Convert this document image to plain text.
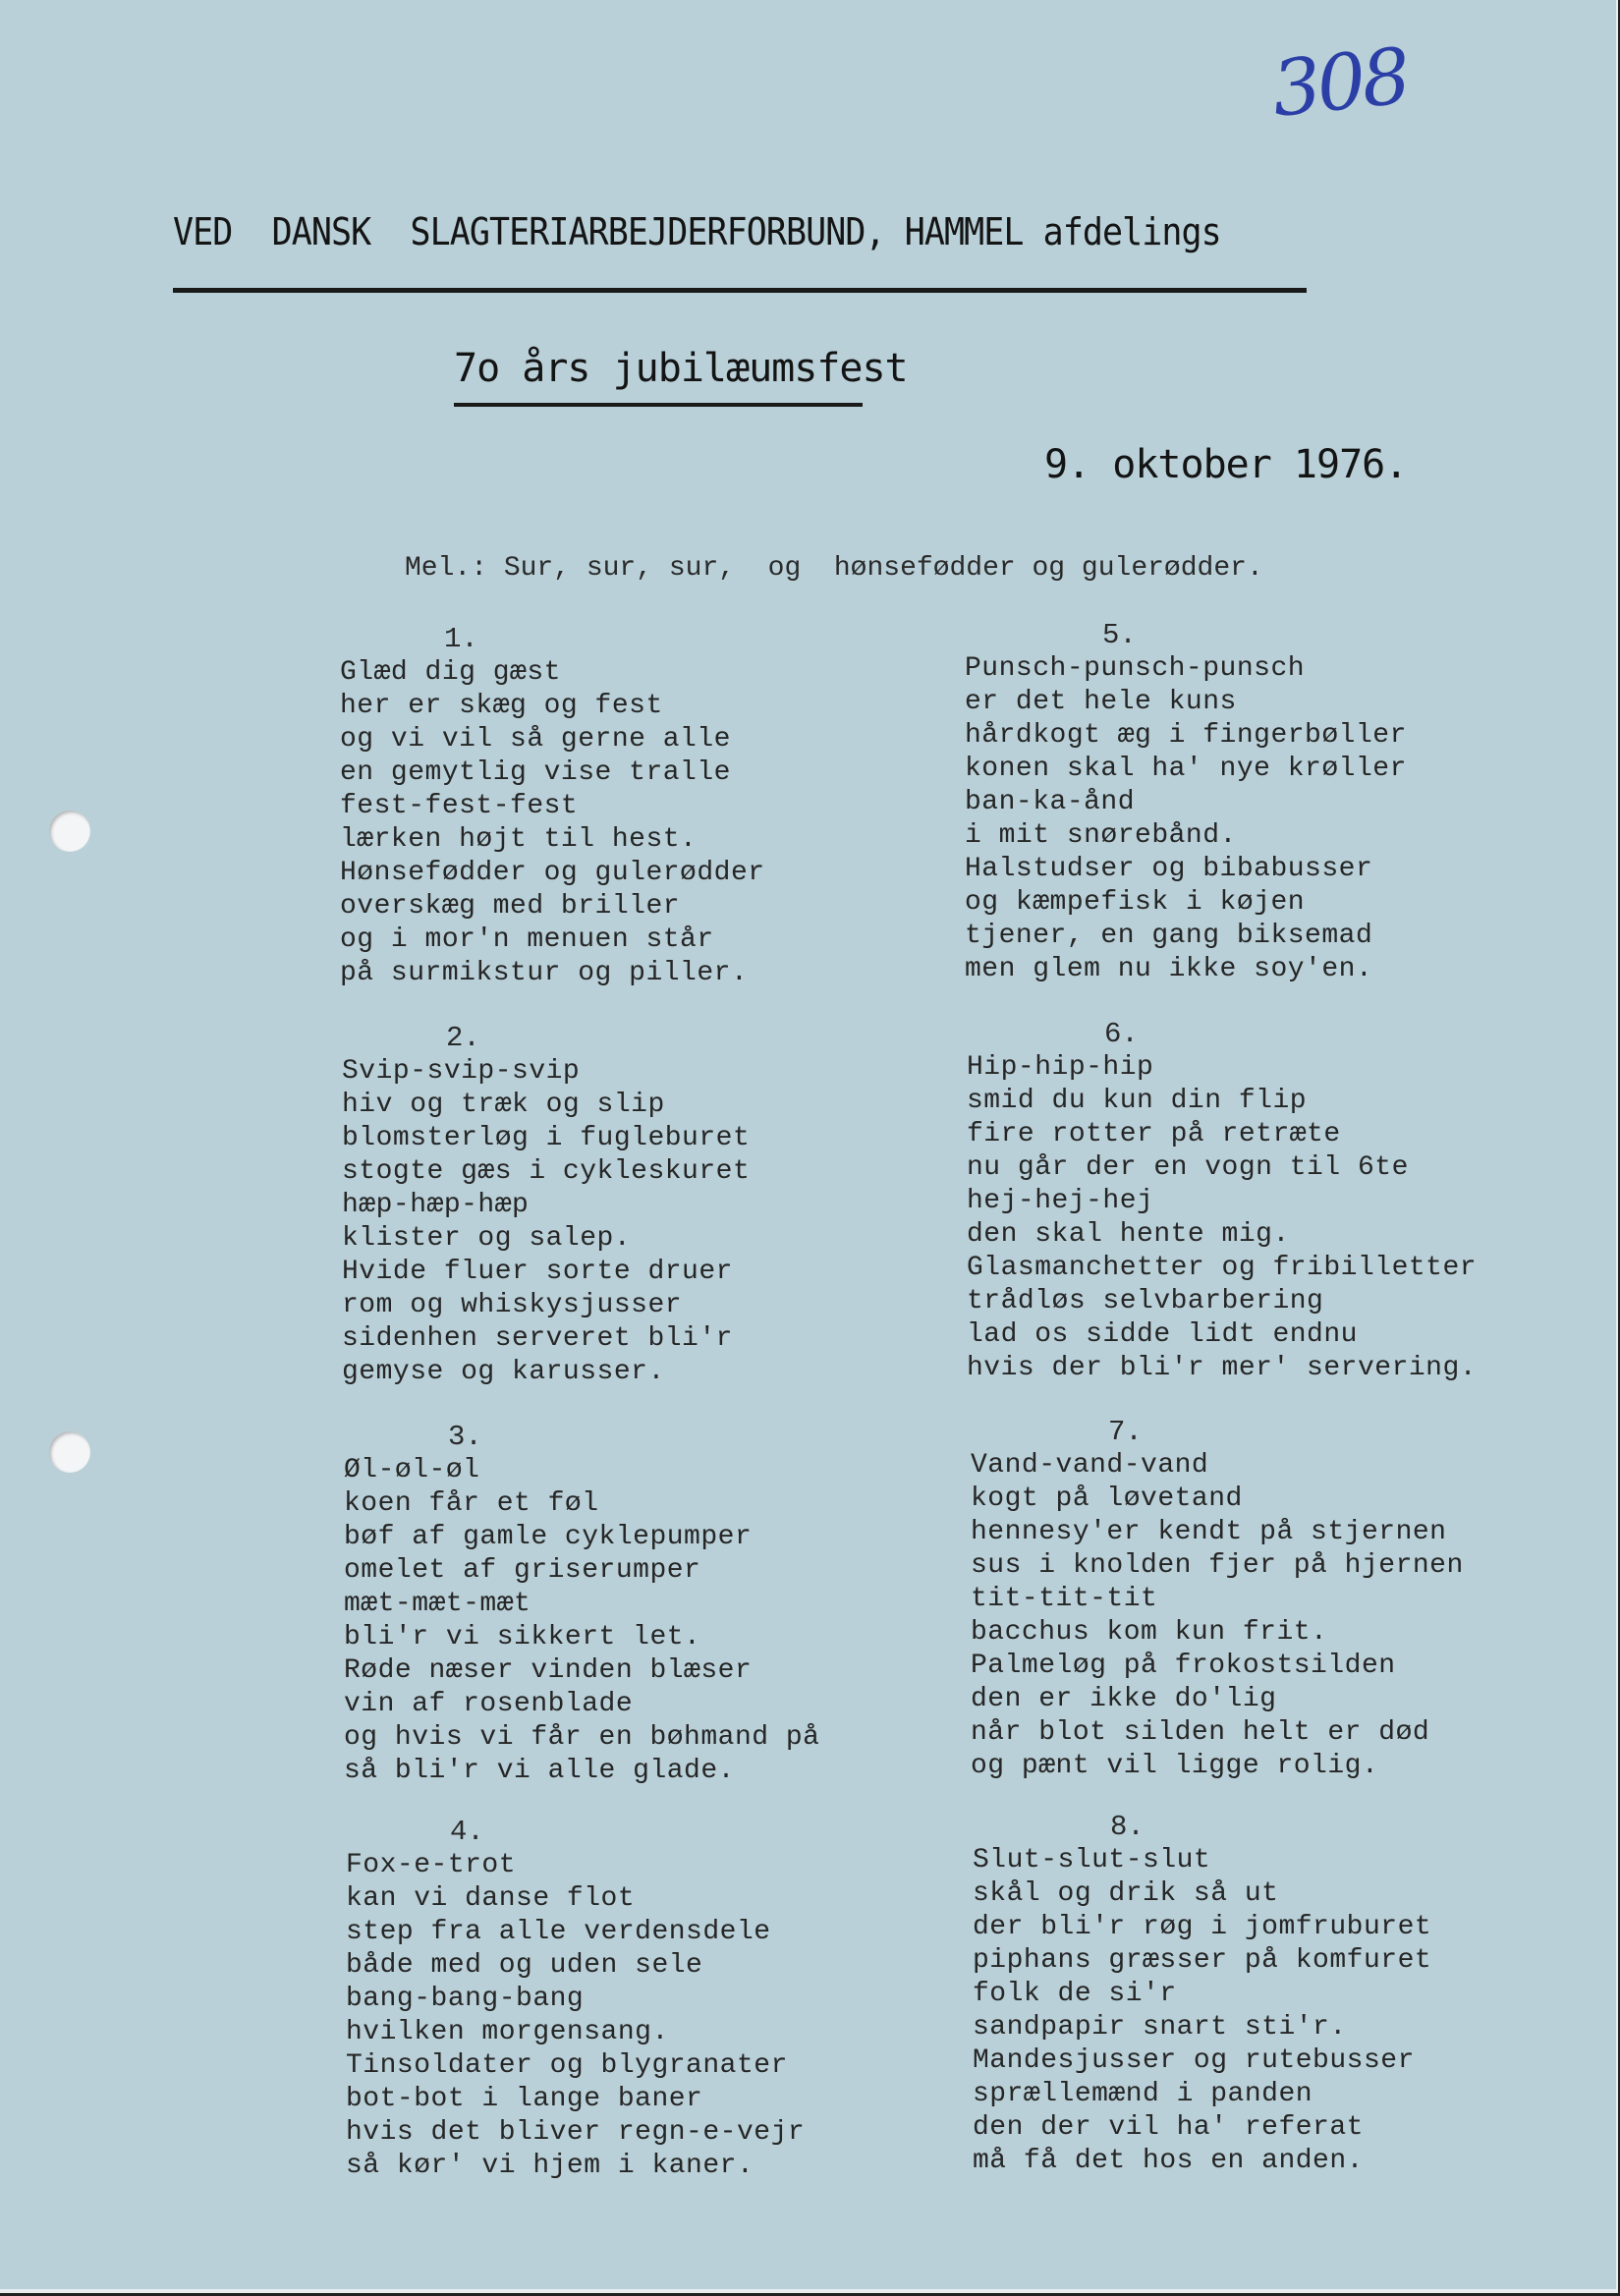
308
VED  DANSK  SLAGTERIARBEJDERFORBUND, HAMMEL afdelings
7o års jubilæumsfest
9. oktober 1976.
Mel.: Sur, sur, sur,  og  hønsefødder og gulerødder.
1.
Glæd dig gæst
her er skæg og fest
og vi vil så gerne alle
en gemytlig vise tralle
fest-fest-fest
lærken højt til hest.
Hønsefødder og gulerødder
overskæg med briller
og i mor'n menuen står
på surmikstur og piller.
2.
Svip-svip-svip
hiv og træk og slip
blomsterløg i fugleburet
stogte gæs i cykleskuret
hæp-hæp-hæp
klister og salep.
Hvide fluer sorte druer
rom og whiskysjusser
sidenhen serveret bli'r
gemyse og karusser.
3.
Øl-øl-øl
koen får et føl
bøf af gamle cyklepumper
omelet af griserumper
mæt-mæt-mæt
bli'r vi sikkert let.
Røde næser vinden blæser
vin af rosenblade
og hvis vi får en bøhmand på
så bli'r vi alle glade.
4.
Fox-e-trot
kan vi danse flot
step fra alle verdensdele
både med og uden sele
bang-bang-bang
hvilken morgensang.
Tinsoldater og blygranater
bot-bot i lange baner
hvis det bliver regn-e-vejr
så kør' vi hjem i kaner.
5.
Punsch-punsch-punsch
er det hele kuns
hårdkogt æg i fingerbøller
konen skal ha' nye krøller
ban-ka-ånd
i mit snørebånd.
Halstudser og bibabusser
og kæmpefisk i køjen
tjener, en gang biksemad
men glem nu ikke soy'en.
6.
Hip-hip-hip
smid du kun din flip
fire rotter på retræte
nu går der en vogn til 6te
hej-hej-hej
den skal hente mig.
Glasmanchetter og fribilletter
trådløs selvbarbering
lad os sidde lidt endnu
hvis der bli'r mer' servering.
7.
Vand-vand-vand
kogt på løvetand
hennesy'er kendt på stjernen
sus i knolden fjer på hjernen
tit-tit-tit
bacchus kom kun frit.
Palmeløg på frokostsilden
den er ikke do'lig
når blot silden helt er død
og pænt vil ligge rolig.
8.
Slut-slut-slut
skål og drik så ut
der bli'r røg i jomfruburet
piphans græsser på komfuret
folk de si'r
sandpapir snart sti'r.
Mandesjusser og rutebusser
sprællemænd i panden
den der vil ha' referat
må få det hos en anden.
